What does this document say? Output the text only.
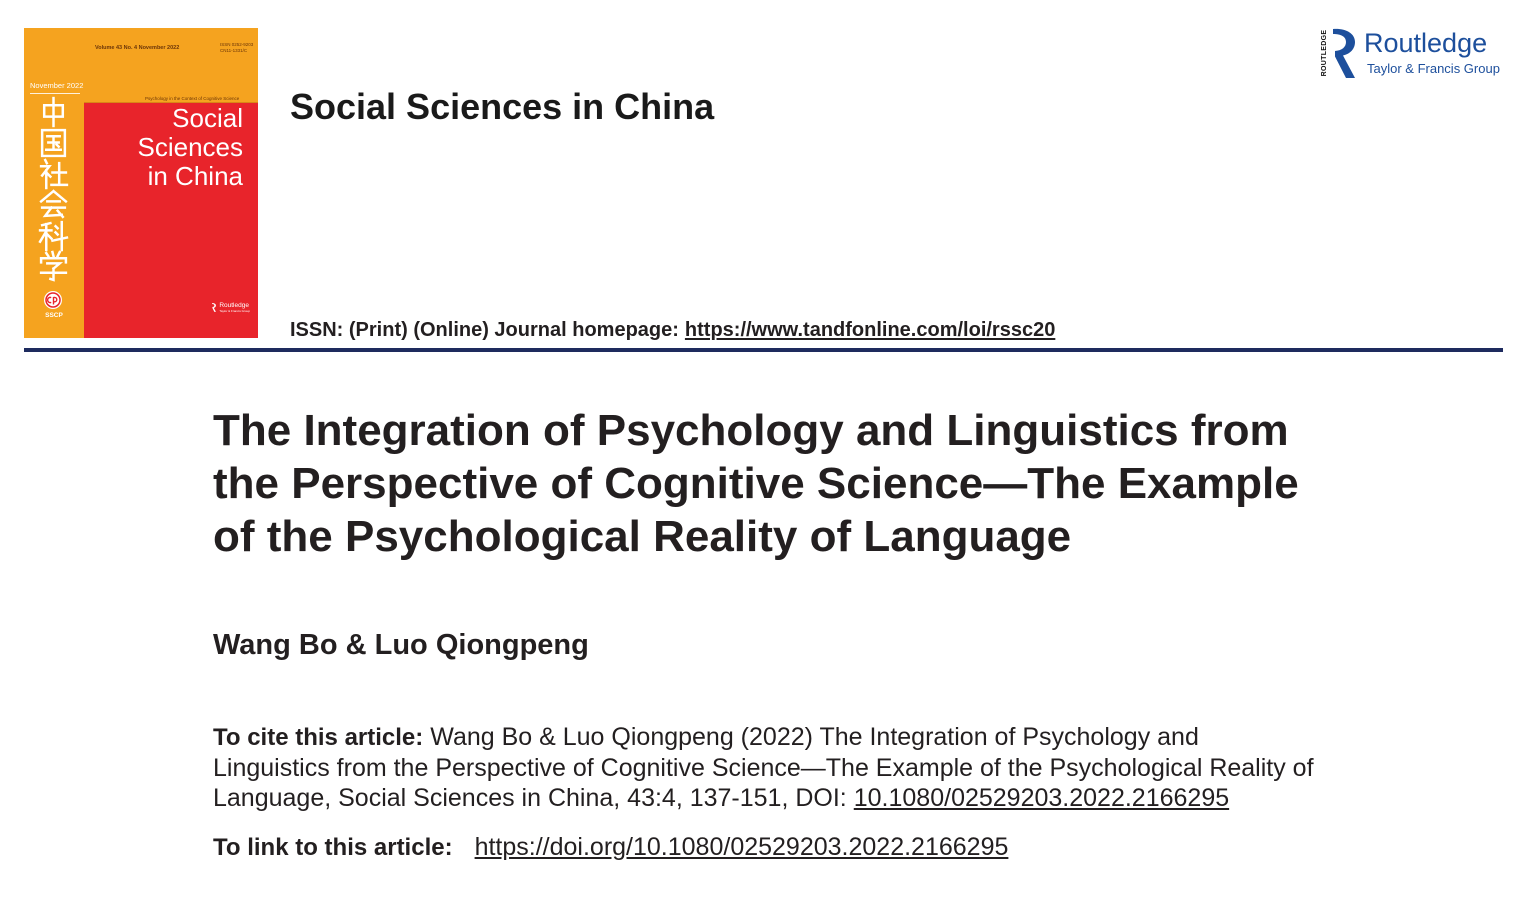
November 2022
SSCP
Volume 43 No. 4 November 2022
ISSN 0252-9203
CN11-1331/C
Psychology in the Context of Cognitive Science
Social
Sciences
in China
Routledge
Taylor & Francis Group
Social Sciences in China
ISSN: (Print) (Online) Journal homepage: https://www.tandfonline.com/loi/rssc20
ROUTLEDGE Routledge
Taylor & Francis Group
The Integration of Psychology and Linguistics from
the Perspective of Cognitive Science—The Example
of the Psychological Reality of Language
Wang Bo & Luo Qiongpeng
To cite this article: Wang Bo & Luo Qiongpeng (2022) The Integration of Psychology and
Linguistics from the Perspective of Cognitive Science—The Example of the Psychological Reality of
Language, Social Sciences in China, 43:4, 137-151, DOI: 10.1080/02529203.2022.2166295
To link to this article: https://doi.org/10.1080/02529203.2022.2166295
